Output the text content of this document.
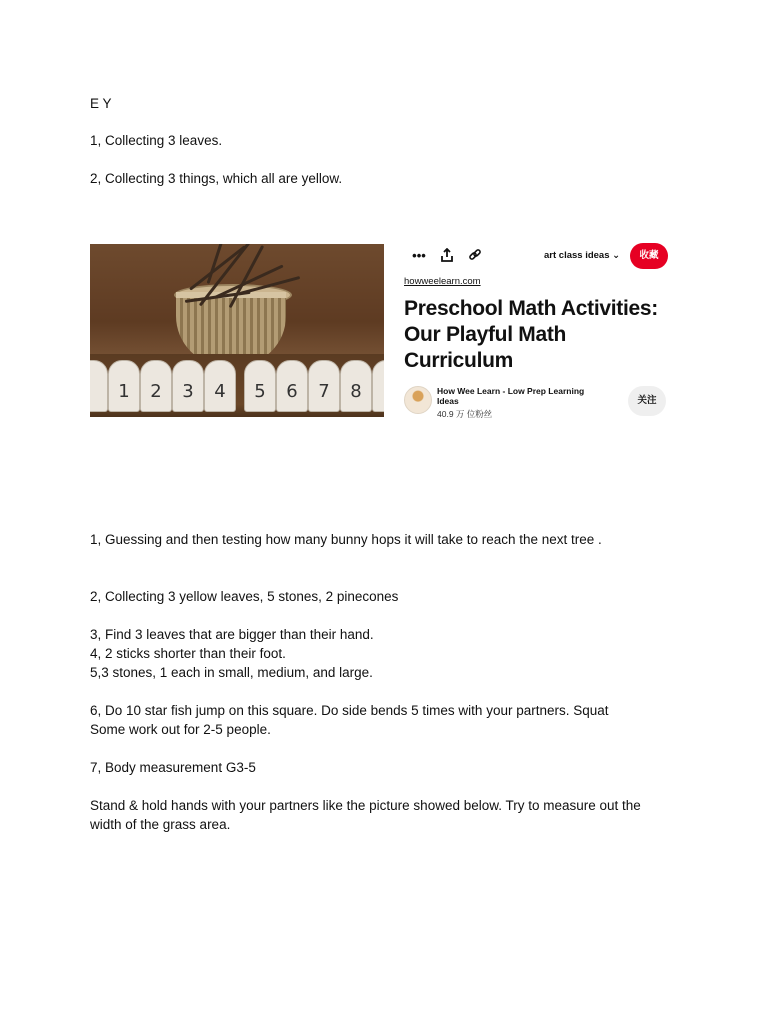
E Y

1, Collecting 3 leaves.

2, Collecting 3 things, which all are yellow.

1	2	3	4	5	6	7	8
•••	art class ideas ⌄	收藏
howweelearn.com
Preschool Math Activities: Our Playful Math Curriculum
How Wee Learn - Low Prep Learning Ideas
40.9 万 位粉丝
关注

1, Guessing and then testing how many bunny hops it will take to reach the next tree .

2, Collecting 3 yellow leaves, 5 stones, 2 pinecones

3, Find 3 leaves that are bigger than their hand.

4, 2 sticks shorter than their foot.

5,3 stones, 1 each in small, medium, and large.

6, Do 10 star fish jump on this square. Do side bends 5 times with your partners. Squat

Some work out for 2-5 people.

7, Body measurement G3-5

Stand & hold hands with your partners like the picture showed below. Try to measure out the

width of the grass area.
